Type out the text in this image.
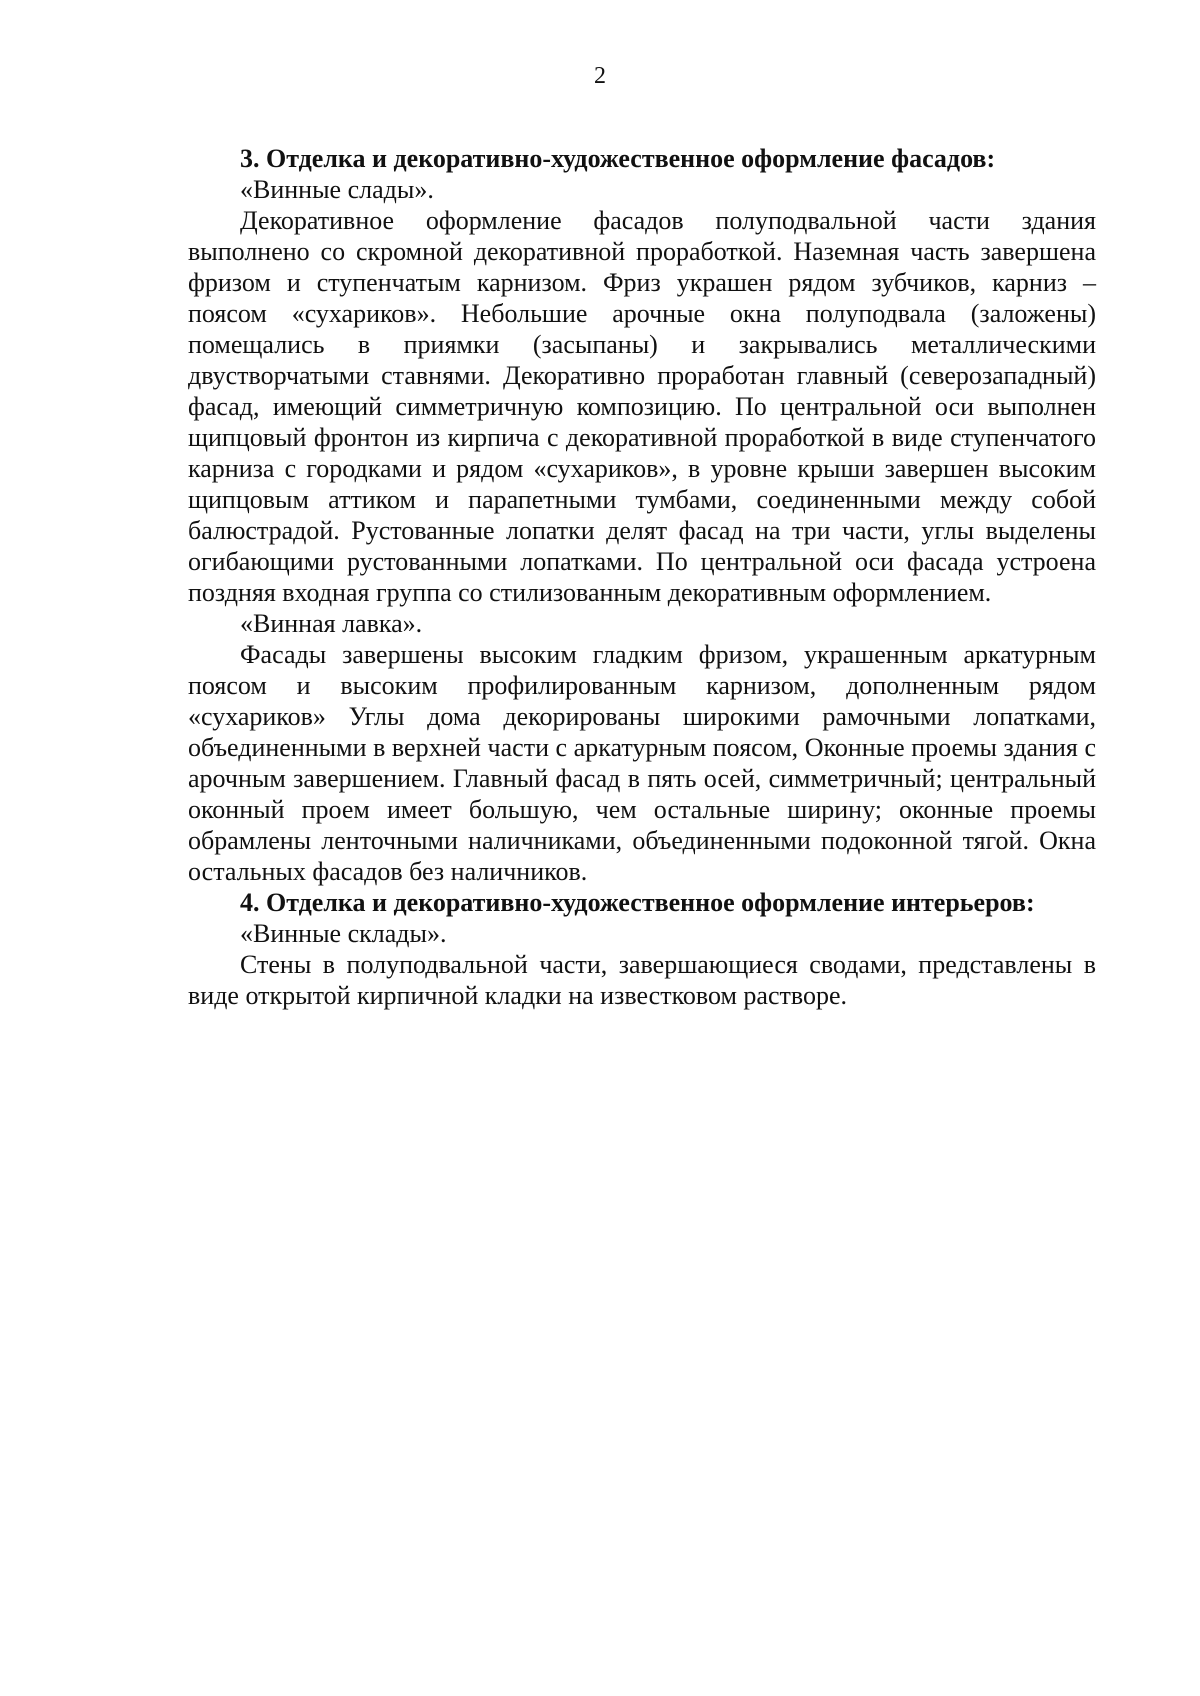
2

3. Отделка и декоративно-художественное оформление фасадов:

«Винные слады».

Декоративное оформление фасадов полуподвальной части здания выполнено со скромной декоративной проработкой. Наземная часть завершена фризом и ступенчатым карнизом. Фриз украшен рядом зубчиков, карниз – поясом «сухариков». Небольшие арочные окна полуподвала (заложены) помещались в приямки (засыпаны) и закрывались металлическими двустворчатыми ставнями. Декоративно проработан главный (северозападный) фасад, имеющий симметричную композицию. По центральной оси выполнен щипцовый фронтон из кирпича с декоративной проработкой в виде ступенчатого карниза с городками и рядом «сухариков», в уровне крыши завершен высоким щипцовым аттиком и парапетными тумбами, соединенными между собой балюстрадой. Рустованные лопатки делят фасад на три части, углы выделены огибающими рустованными лопатками. По центральной оси фасада устроена поздняя входная группа со стилизованным декоративным оформлением.

«Винная лавка».

Фасады завершены высоким гладким фризом, украшенным аркатурным поясом и высоким профилированным карнизом, дополненным рядом «сухариков» Углы дома декорированы широкими рамочными лопатками, объединенными в верхней части с аркатурным поясом, Оконные проемы здания с арочным завершением. Главный фасад в пять осей, симметричный; центральный оконный проем имеет большую, чем остальные ширину; оконные проемы обрамлены ленточными наличниками, объединенными подоконной тягой. Окна остальных фасадов без наличников.

4. Отделка и декоративно-художественное оформление интерьеров:

«Винные склады».

Стены в полуподвальной части, завершающиеся сводами, представлены в виде открытой кирпичной кладки на известковом растворе.
